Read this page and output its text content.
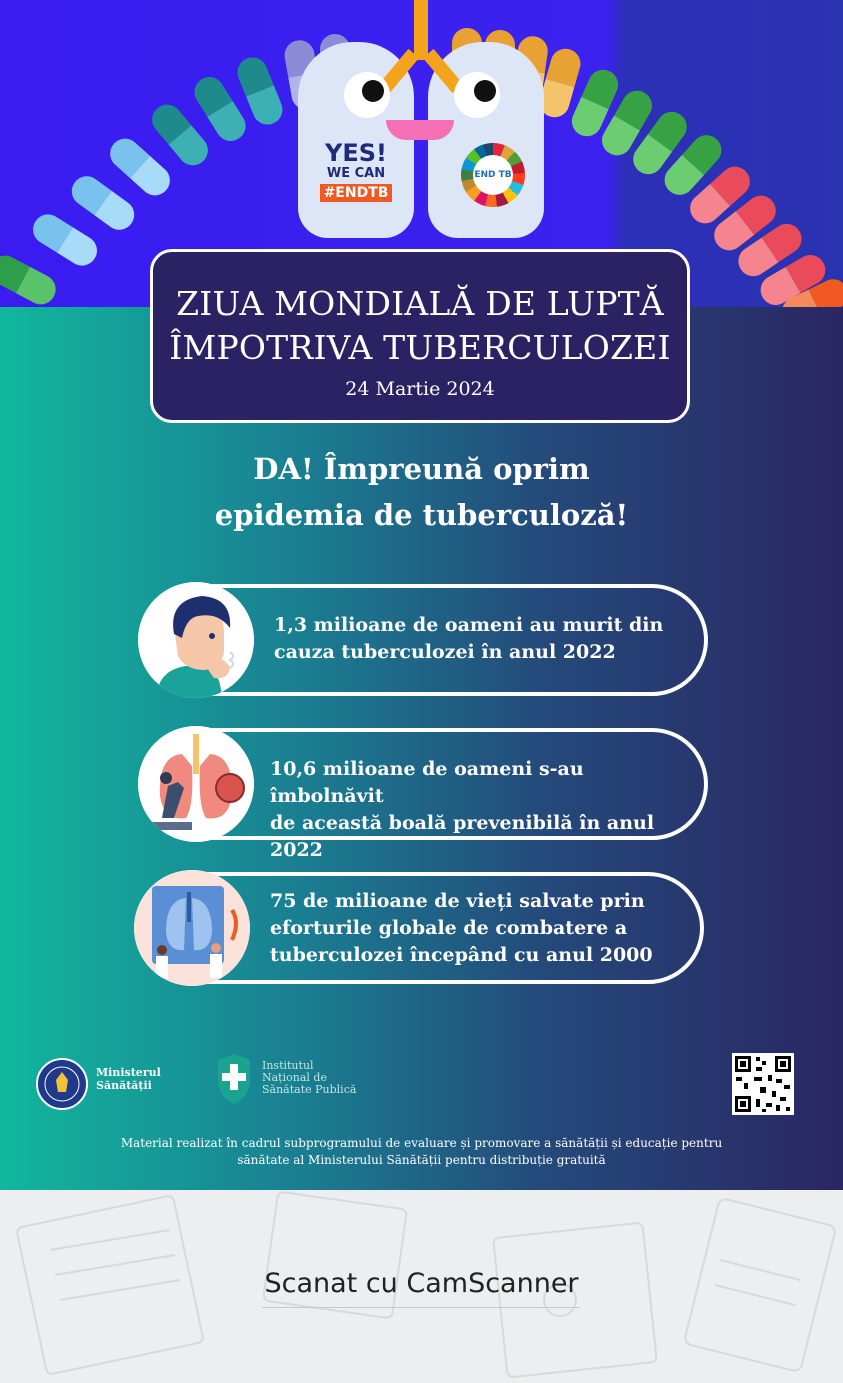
YES!
WE CAN
#ENDTB
END TB
ZIUA MONDIALĂ DE LUPTĂ
ÎMPOTRIVA TUBERCULOZEI
24 Martie 2024
DA! Împreună oprim
epidemia de tuberculoză!
1,3 milioane de oameni au murit din
cauza tuberculozei în anul 2022
10,6 milioane de oameni s-au îmbolnăvit
de această boală prevenibilă în anul 2022
75 de milioane de vieți salvate prin
eforturile globale de combatere a
tuberculozei începând cu anul 2000
Ministerul
Sănătății
Institutul
Național de
Sănătate Publică
Material realizat în cadrul subprogramului de evaluare și promovare a sănătății și educație pentru
sănătate al Ministerului Sănătății pentru distribuție gratuită
Scanat cu CamScanner
